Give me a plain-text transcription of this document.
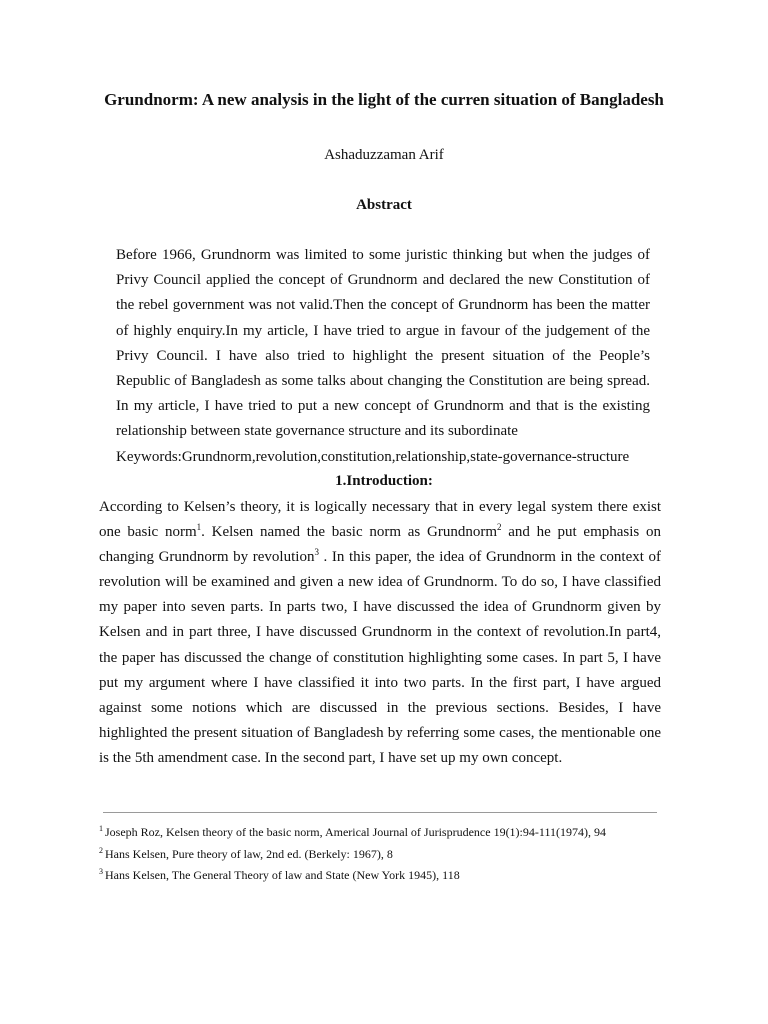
Grundnorm: A new analysis in the light of the curren situation of Bangladesh
Ashaduzzaman Arif
Abstract

Before 1966, Grundnorm was limited to some juristic thinking but when the judges of Privy Council applied the concept of Grundnorm and declared the new Constitution of the rebel government was not valid.Then the concept of Grundnorm has been the matter of highly enquiry.In my article, I have tried to argue in favour of the judgement of the Privy Council. I have also tried to highlight the present situation of the People’s Republic of Bangladesh as some talks about changing the Constitution are being spread. In my article, I have tried to put a new concept of Grundnorm and that is the existing relationship between state governance structure and its subordinate

Keywords:Grundnorm,revolution,constitution,relationship,state-governance-structure
1.Introduction:

According to Kelsen’s theory, it is logically necessary that in every legal system there exist one basic norm$^1$. Kelsen named the basic norm as Grundnorm$^2$ and he put emphasis on changing Grundnorm by revolution$^3$ . In this paper, the idea of Grundnorm in the context of revolution will be examined and given a new idea of Grundnorm. To do so, I have classified my paper into seven parts. In parts two, I have discussed the idea of Grundnorm given by Kelsen and in part three, I have discussed Grundnorm in the context of revolution.In part4, the paper has discussed the change of constitution highlighting some cases. In part 5, I have put my argument where I have classified it into two parts. In the first part, I have argued against some notions which are discussed in the previous sections. Besides, I have highlighted the present situation of Bangladesh by referring some cases, the mentionable one is the 5th amendment case. In the second part, I have set up my own concept.

$^1$ Joseph Roz, Kelsen theory of the basic norm, Americal Journal of Jurisprudence 19(1):94-111(1974), 94
$^2$ Hans Kelsen, Pure theory of law, 2nd ed. (Berkely: 1967), 8
$^3$ Hans Kelsen, The General Theory of law and State (New York 1945), 118
